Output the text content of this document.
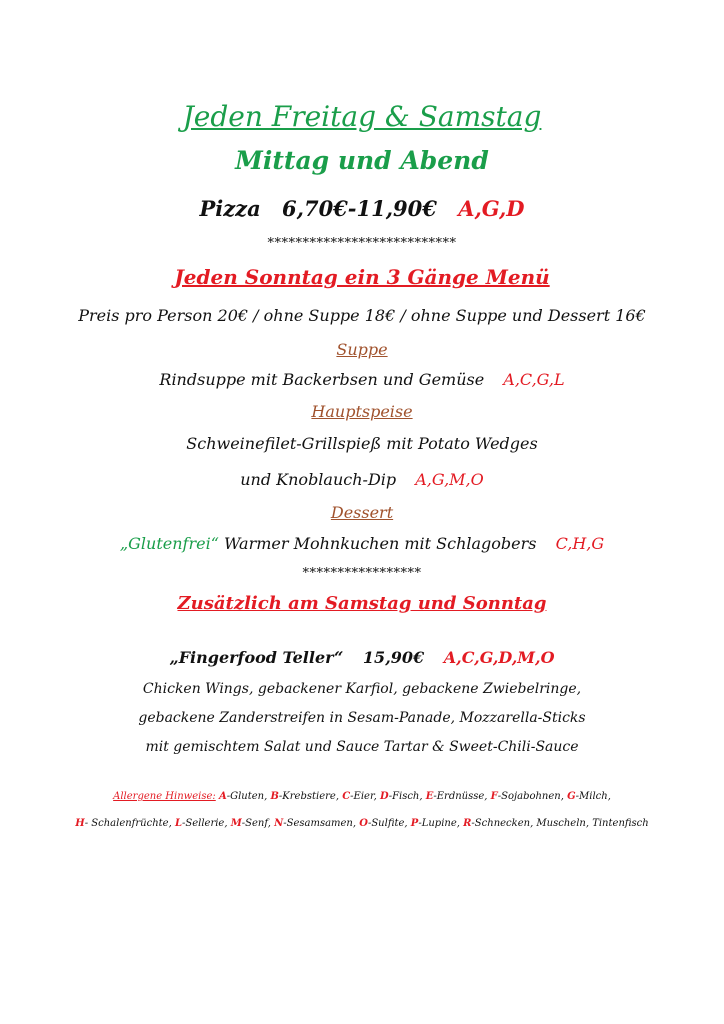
Jeden Freitag & Samstag
Mittag und Abend
Pizza 6,70€-11,90€ A,G,D
***************************
Jeden Sonntag ein 3 Gänge Menü
Preis pro Person 20€ / ohne Suppe 18€ / ohne Suppe und Dessert 16€
Suppe
Rindsuppe mit Backerbsen und Gemüse A,C,G,L
Hauptspeise
Schweinefilet-Grillspieß mit Potato Wedges
und Knoblauch-Dip A,G,M,O
Dessert
„Glutenfrei“ Warmer Mohnkuchen mit Schlagobers C,H,G
*****************
Zusätzlich am Samstag und Sonntag
„Fingerfood Teller“ 15,90€ A,C,G,D,M,O
Chicken Wings, gebackener Karfiol, gebackene Zwiebelringe,
gebackene Zanderstreifen in Sesam-Panade, Mozzarella-Sticks
mit gemischtem Salat und Sauce Tartar & Sweet-Chili-Sauce
Allergene Hinweise: A-Gluten, B-Krebstiere, C-Eier, D-Fisch, E-Erdnüsse, F-Sojabohnen, G-Milch,
H- Schalenfrüchte, L-Sellerie, M-Senf, N-Sesamsamen, O-Sulfite, P-Lupine, R-Schnecken, Muscheln, Tintenfisch
